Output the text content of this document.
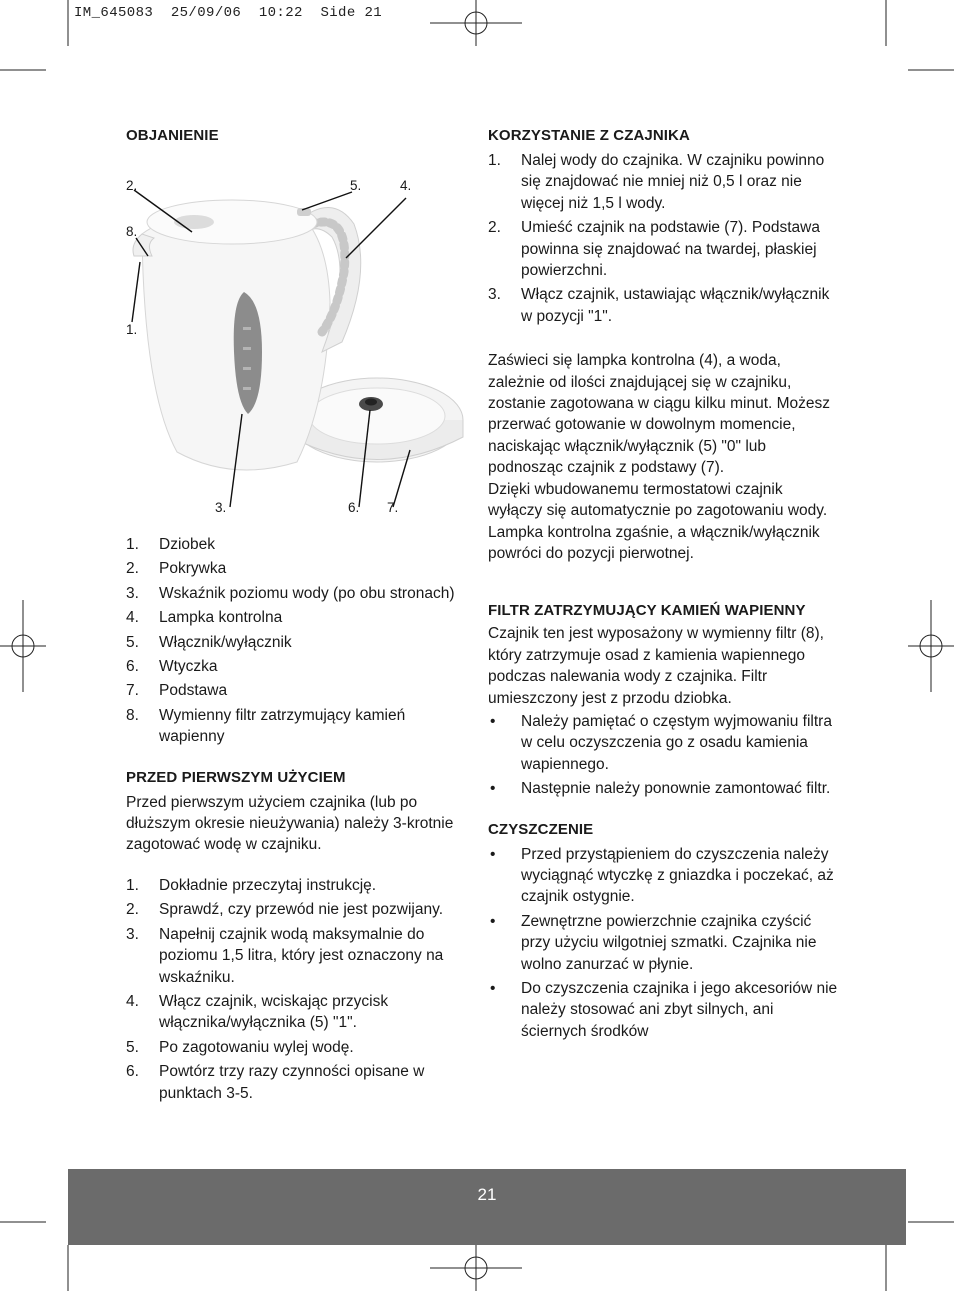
IM_645083  25/09/06  10:22  Side 21
OBJANIENIE
2.	5.	4.
8.
1.
3.	6. 7.
1. Dziobek
2. Pokrywka
3. Wskaźnik poziomu wody (po obu stronach)
4. Lampka kontrolna
5. Włącznik/wyłącznik
6. Wtyczka
7. Podstawa
8. Wymienny filtr zatrzymujący kamień wapienny
PRZED PIERWSZYM UŻYCIEM

Przed pierwszym użyciem czajnika (lub po dłuższym okresie nieużywania) należy 3-krotnie zagotować wodę w czajniku.

1. Dokładnie przeczytaj instrukcję.
2. Sprawdź, czy przewód nie jest pozwijany.
3. Napełnij czajnik wodą maksymalnie do poziomu 1,5 litra, który jest oznaczony na wskaźniku.
4. Włącz czajnik, wciskając przycisk włącznika/wyłącznika (5) "1".
5. Po zagotowaniu wylej wodę.
6. Powtórz trzy razy czynności opisane w punktach 3-5.
KORZYSTANIE Z CZAJNIKA
1. Nalej wody do czajnika. W czajniku powinno się znajdować nie mniej niż 0,5 l oraz nie więcej niż 1,5 l wody.
2. Umieść czajnik na podstawie (7). Podstawa powinna się znajdować na twardej, płaskiej powierzchni.
3. Włącz czajnik, ustawiając włącznik/wyłącznik w pozycji "1".

Zaświeci się lampka kontrolna (4), a woda, zależnie od ilości znajdującej się w czajniku, zostanie zagotowana w ciągu kilku minut. Możesz przerwać gotowanie w dowolnym momencie, naciskając włącznik/wyłącznik (5) "0" lub podnosząc czajnik z podstawy (7).

Dzięki wbudowanemu termostatowi czajnik wyłączy się automatycznie po zagotowaniu wody. Lampka kontrolna zgaśnie, a włącznik/wyłącznik powróci do pozycji pierwotnej.

FILTR ZATRZYMUJĄCY KAMIEŃ WAPIENNY

Czajnik ten jest wyposażony w wymienny filtr (8), który zatrzymuje osad z kamienia wapiennego podczas nalewania wody z czajnika. Filtr umieszczony jest z przodu dziobka.

• Należy pamiętać o częstym wyjmowaniu filtra w celu oczyszczenia go z osadu kamienia wapiennego.
• Następnie należy ponownie zamontować filtr.
CZYSZCZENIE
• Przed przystąpieniem do czyszczenia należy wyciągnąć wtyczkę z gniazdka i poczekać, aż czajnik ostygnie.
• Zewnętrzne powierzchnie czajnika czyścić przy użyciu wilgotniej szmatki. Czajnika nie wolno zanurzać w płynie.
• Do czyszczenia czajnika i jego akcesoriów nie należy stosować ani zbyt silnych, ani ściernych środków
21
